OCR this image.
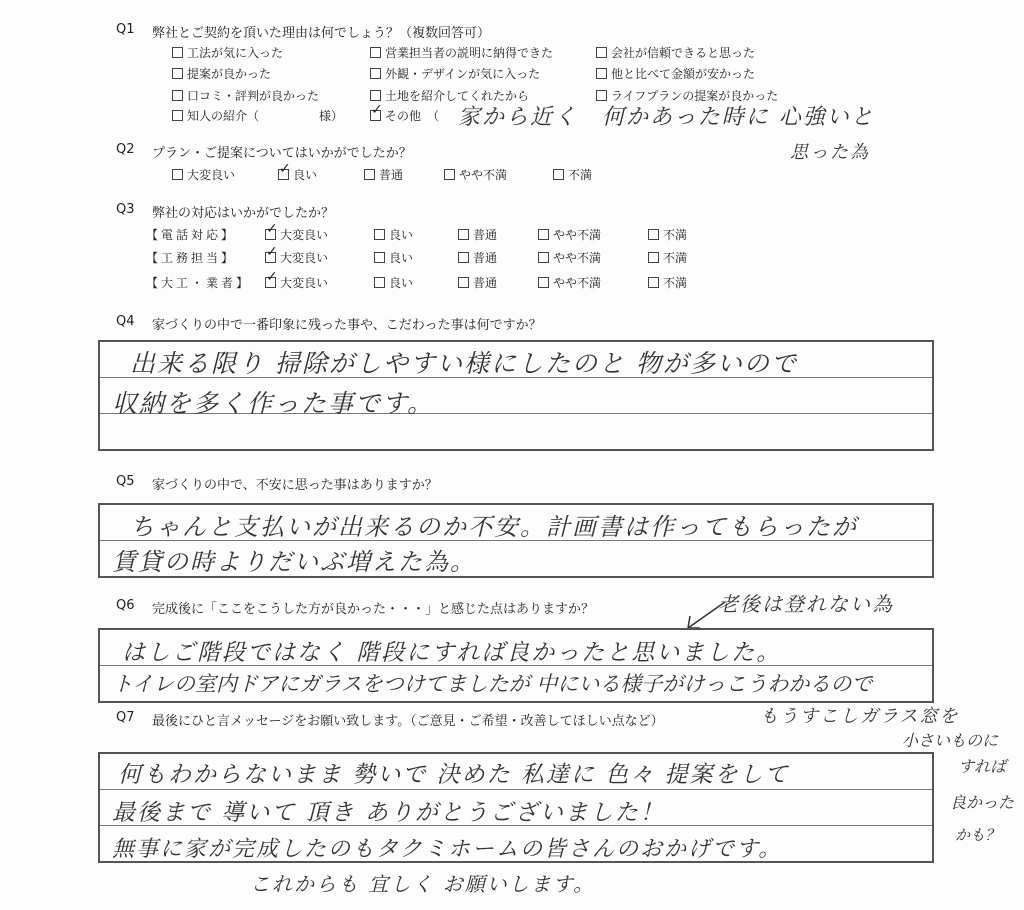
Q1 弊社とご契約を頂いた理由は何でしょう？（複数回答可）
家から近く　何かあった時に 心強いと
思った為
Q2 プラン・ご提案についてはいかがでしたか？
Q3 弊社の対応はいかがでしたか？
Q4 家づくりの中で一番印象に残った事や、こだわった事は何ですか？
出来る限り 掃除がしやすい様にしたのと 物が多いので
収納を多く作った事です。
Q5 家づくりの中で、不安に思った事はありますか？
ちゃんと支払いが出来るのか不安。計画書は作ってもらったが
賃貸の時よりだいぶ増えた為。
Q6 完成後に「ここをこうした方が良かった・・・」と感じた点はありますか？	老後は登れない為
はしご階段ではなく 階段にすれば良かったと思いました。
トイレの室内ドアにガラスをつけてましたが 中にいる様子がけっこうわかるので
もうすこしガラス窓を
小さいものに
すれば
良かった
かも？
Q7 最後にひと言メッセージをお願い致します。（ご意見・ご希望・改善してほしい点など）
何もわからないまま 勢いで 決めた 私達に 色々 提案をして
最後まで 導いて 頂き ありがとうございました！
無事に家が完成したのもタクミホームの皆さんのおかげです。
これからも 宜しく お願いします。
工法が気に入った	営業担当者の説明に納得できた	会社が信頼できると思った
提案が良かった	外観・デザインが気に入った	他と比べて金額が安かった
口コミ・評判が良かった	土地を紹介してくれたから	ライフプランの提案が良かった
知人の紹介（　　　　　様） ✓	その他　（
大変良い ✓	良い	普通	やや不満	不満
【電話対応】 ✓	大変良い	良い	普通	やや不満	不満
【工務担当】 ✓	大変良い	良い	普通	やや不満	不満
【大工・業者】 ✓	大変良い	良い	普通	やや不満	不満
